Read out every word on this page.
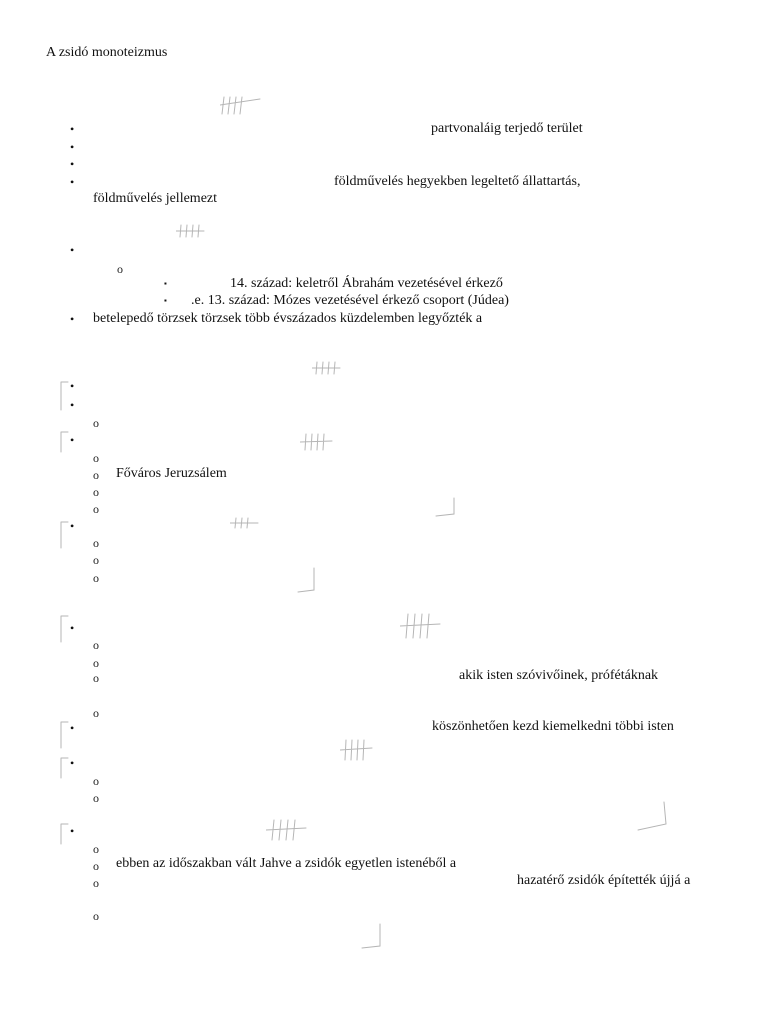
A zsidó monoteizmus
•	partvonaláig terjedő terület
•
•
•	földművelés hegyekben legeltető állattartás,
földművelés jellemezt
•
o
▪	14. század: keletről Ábrahám vezetésével érkező
▪ .e. 13. század: Mózes vezetésével érkező csoport (Júdea)
• betelepedő törzsek törzsek több évszázados küzdelemben legyőzték a
•
•
o
•
o
o Főváros Jeruzsálem
o
o
•
o
o
o
•
o
o
o	akik isten szóvivőinek, prófétáknak
o
•	köszönhetően kezd kiemelkedni többi isten
•
o
o
•
o
o ebben az időszakban vált Jahve a zsidók egyetlen istenéből a
o	hazatérő zsidók építették újjá a
o
